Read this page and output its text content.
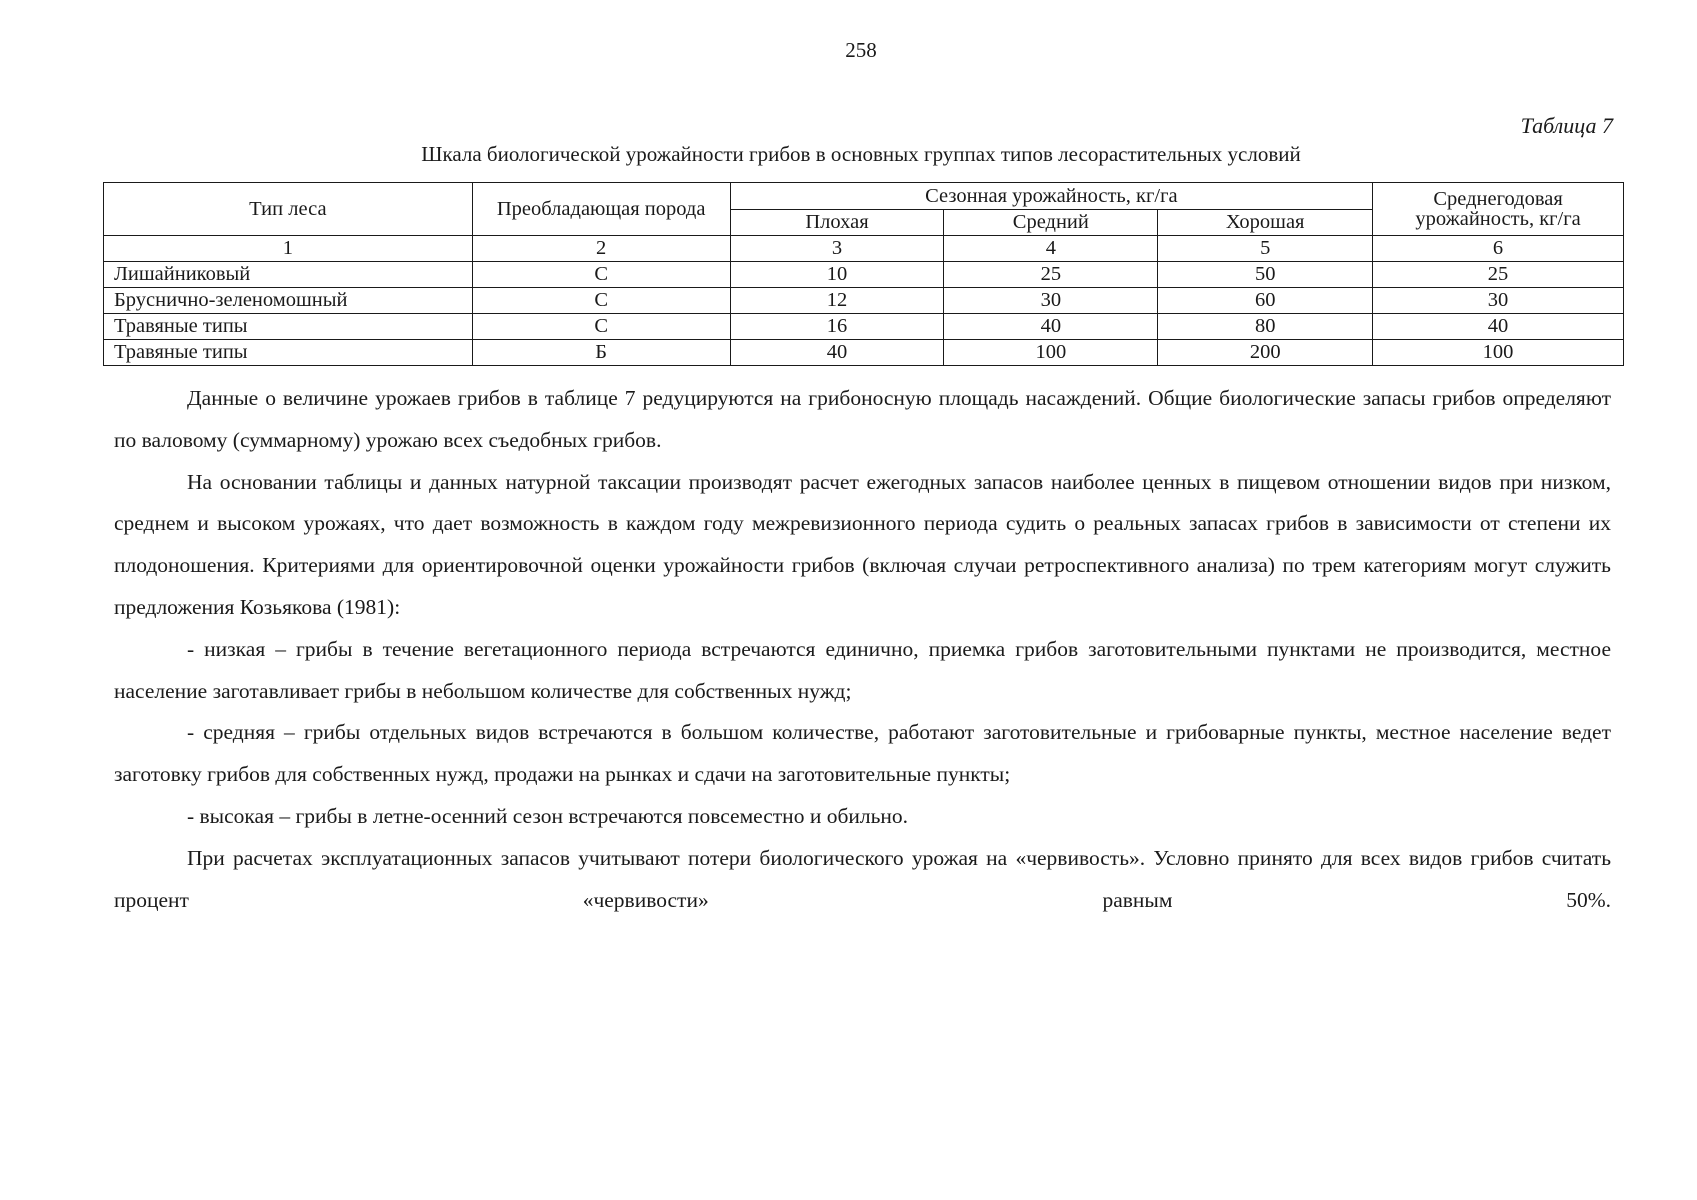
258
Таблица 7
Шкала биологической урожайности грибов в основных группах типов лесорастительных условий
Тип леса	Преобладающая порода	Сезонная урожайность, кг/га			Среднегодовая урожайность, кг/га
		Плохая	Средний	Хорошая	
1	2	3	4	5	6
Лишайниковый	С	10	25	50	25
Бруснично-зеленомошный	С	12	30	60	30
Травяные типы	С	16	40	80	40
Травяные типы	Б	40	100	200	100

Данные о величине урожаев грибов в таблице 7 редуцируются на грибоносную площадь насаждений. Общие биологические запасы грибов определяют по валовому (суммарному) урожаю всех съедобных грибов.

На основании таблицы и данных натурной таксации производят расчет ежегодных запасов наиболее ценных в пищевом отношении видов при низком, среднем и высоком урожаях, что дает возможность в каждом году межревизионного периода судить о реальных запасах грибов в зависимости от степени их плодоношения. Критериями для ориентировочной оценки урожайности грибов (включая случаи ретроспективного анализа) по трем категориям могут служить предложения Козьякова (1981):

- низкая – грибы в течение вегетационного периода встречаются единично, приемка грибов заготовительными пунктами не производится, местное население заготавливает грибы в небольшом количестве для собственных нужд;

- средняя – грибы отдельных видов встречаются в большом количестве, работают заготовительные и грибоварные пункты, местное население ведет заготовку грибов для собственных нужд, продажи на рынках и сдачи на заготовительные пункты;

- высокая – грибы в летне-осенний сезон встречаются повсеместно и обильно.

При расчетах эксплуатационных запасов учитывают потери биологического урожая на «червивость». Условно принято для всех видов грибов считать процент «червивости» равным 50%.
